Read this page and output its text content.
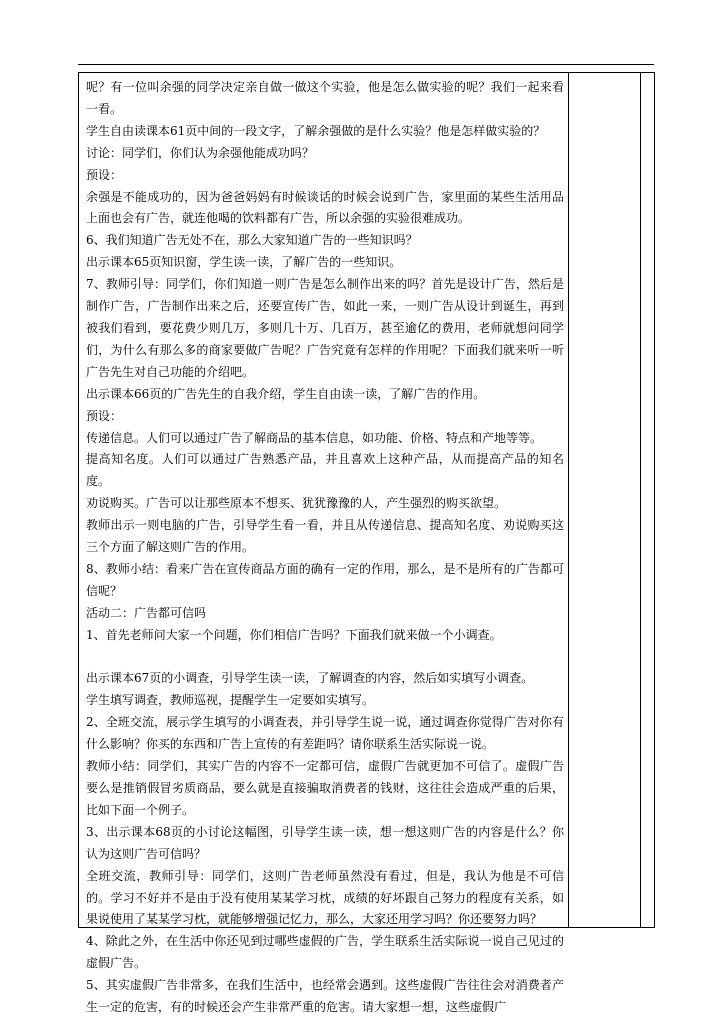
呢？有一位叫余强的同学决定亲自做一做这个实验，他是怎么做实验的呢？我们一起来看一看。

学生自由读课本61页中间的一段文字，了解余强做的是什么实验？他是怎样做实验的？

讨论：同学们，你们认为余强他能成功吗？

预设：

余强是不能成功的，因为爸爸妈妈有时候谈话的时候会说到广告，家里面的某些生活用品上面也会有广告，就连他喝的饮料都有广告，所以余强的实验很难成功。

6、我们知道广告无处不在，那么大家知道广告的一些知识吗？

出示课本65页知识窗，学生读一读，了解广告的一些知识。

7、教师引导：同学们，你们知道一则广告是怎么制作出来的吗？首先是设计广告，然后是制作广告，广告制作出来之后，还要宣传广告，如此一来，一则广告从设计到诞生，再到被我们看到，要花费少则几万，多则几十万、几百万，甚至逾亿的费用，老师就想问同学们，为什么有那么多的商家要做广告呢？广告究竟有怎样的作用呢？下面我们就来听一听广告先生对自己功能的介绍吧。

出示课本66页的广告先生的自我介绍，学生自由读一读，了解广告的作用。

预设：

传递信息。人们可以通过广告了解商品的基本信息，如功能、价格、特点和产地等等。

提高知名度。人们可以通过广告熟悉产品，并且喜欢上这种产品，从而提高产品的知名度。

劝说购买。广告可以让那些原本不想买、犹犹豫豫的人，产生强烈的购买欲望。

教师出示一则电脑的广告，引导学生看一看，并且从传递信息、提高知名度、劝说购买这三个方面了解这则广告的作用。

8、教师小结：看来广告在宣传商品方面的确有一定的作用，那么，是不是所有的广告都可信呢？

活动二：广告都可信吗

1、首先老师问大家一个问题，你们相信广告吗？下面我们就来做一个小调查。

出示课本67页的小调查，引导学生读一读，了解调查的内容，然后如实填写小调查。

学生填写调查，教师巡视，提醒学生一定要如实填写。

2、全班交流，展示学生填写的小调查表，并引导学生说一说，通过调查你觉得广告对你有什么影响？你买的东西和广告上宣传的有差距吗？请你联系生活实际说一说。

教师小结：同学们，其实广告的内容不一定都可信，虚假广告就更加不可信了。虚假广告要么是推销假冒劣质商品，要么就是直接骗取消费者的钱财，这往往会造成严重的后果，比如下面一个例子。

3、出示课本68页的小讨论这幅图，引导学生读一读，想一想这则广告的内容是什么？你认为这则广告可信吗？

全班交流，教师引导：同学们，这则广告老师虽然没有看过，但是，我认为他是不可信的。学习不好并不是由于没有使用某某学习枕，成绩的好坏跟自己努力的程度有关系，如果说使用了某某学习枕，就能够增强记忆力，那么，大家还用学习吗？你还要努力吗？

4、除此之外，在生活中你还见到过哪些虚假的广告，学生联系生活实际说一说自己见过的虚假广告。

5、其实虚假广告非常多，在我们生活中，也经常会遇到。这些虚假广告往往会对消费者产生一定的危害，有的时候还会产生非常严重的危害。请大家想一想，这些虚假广
